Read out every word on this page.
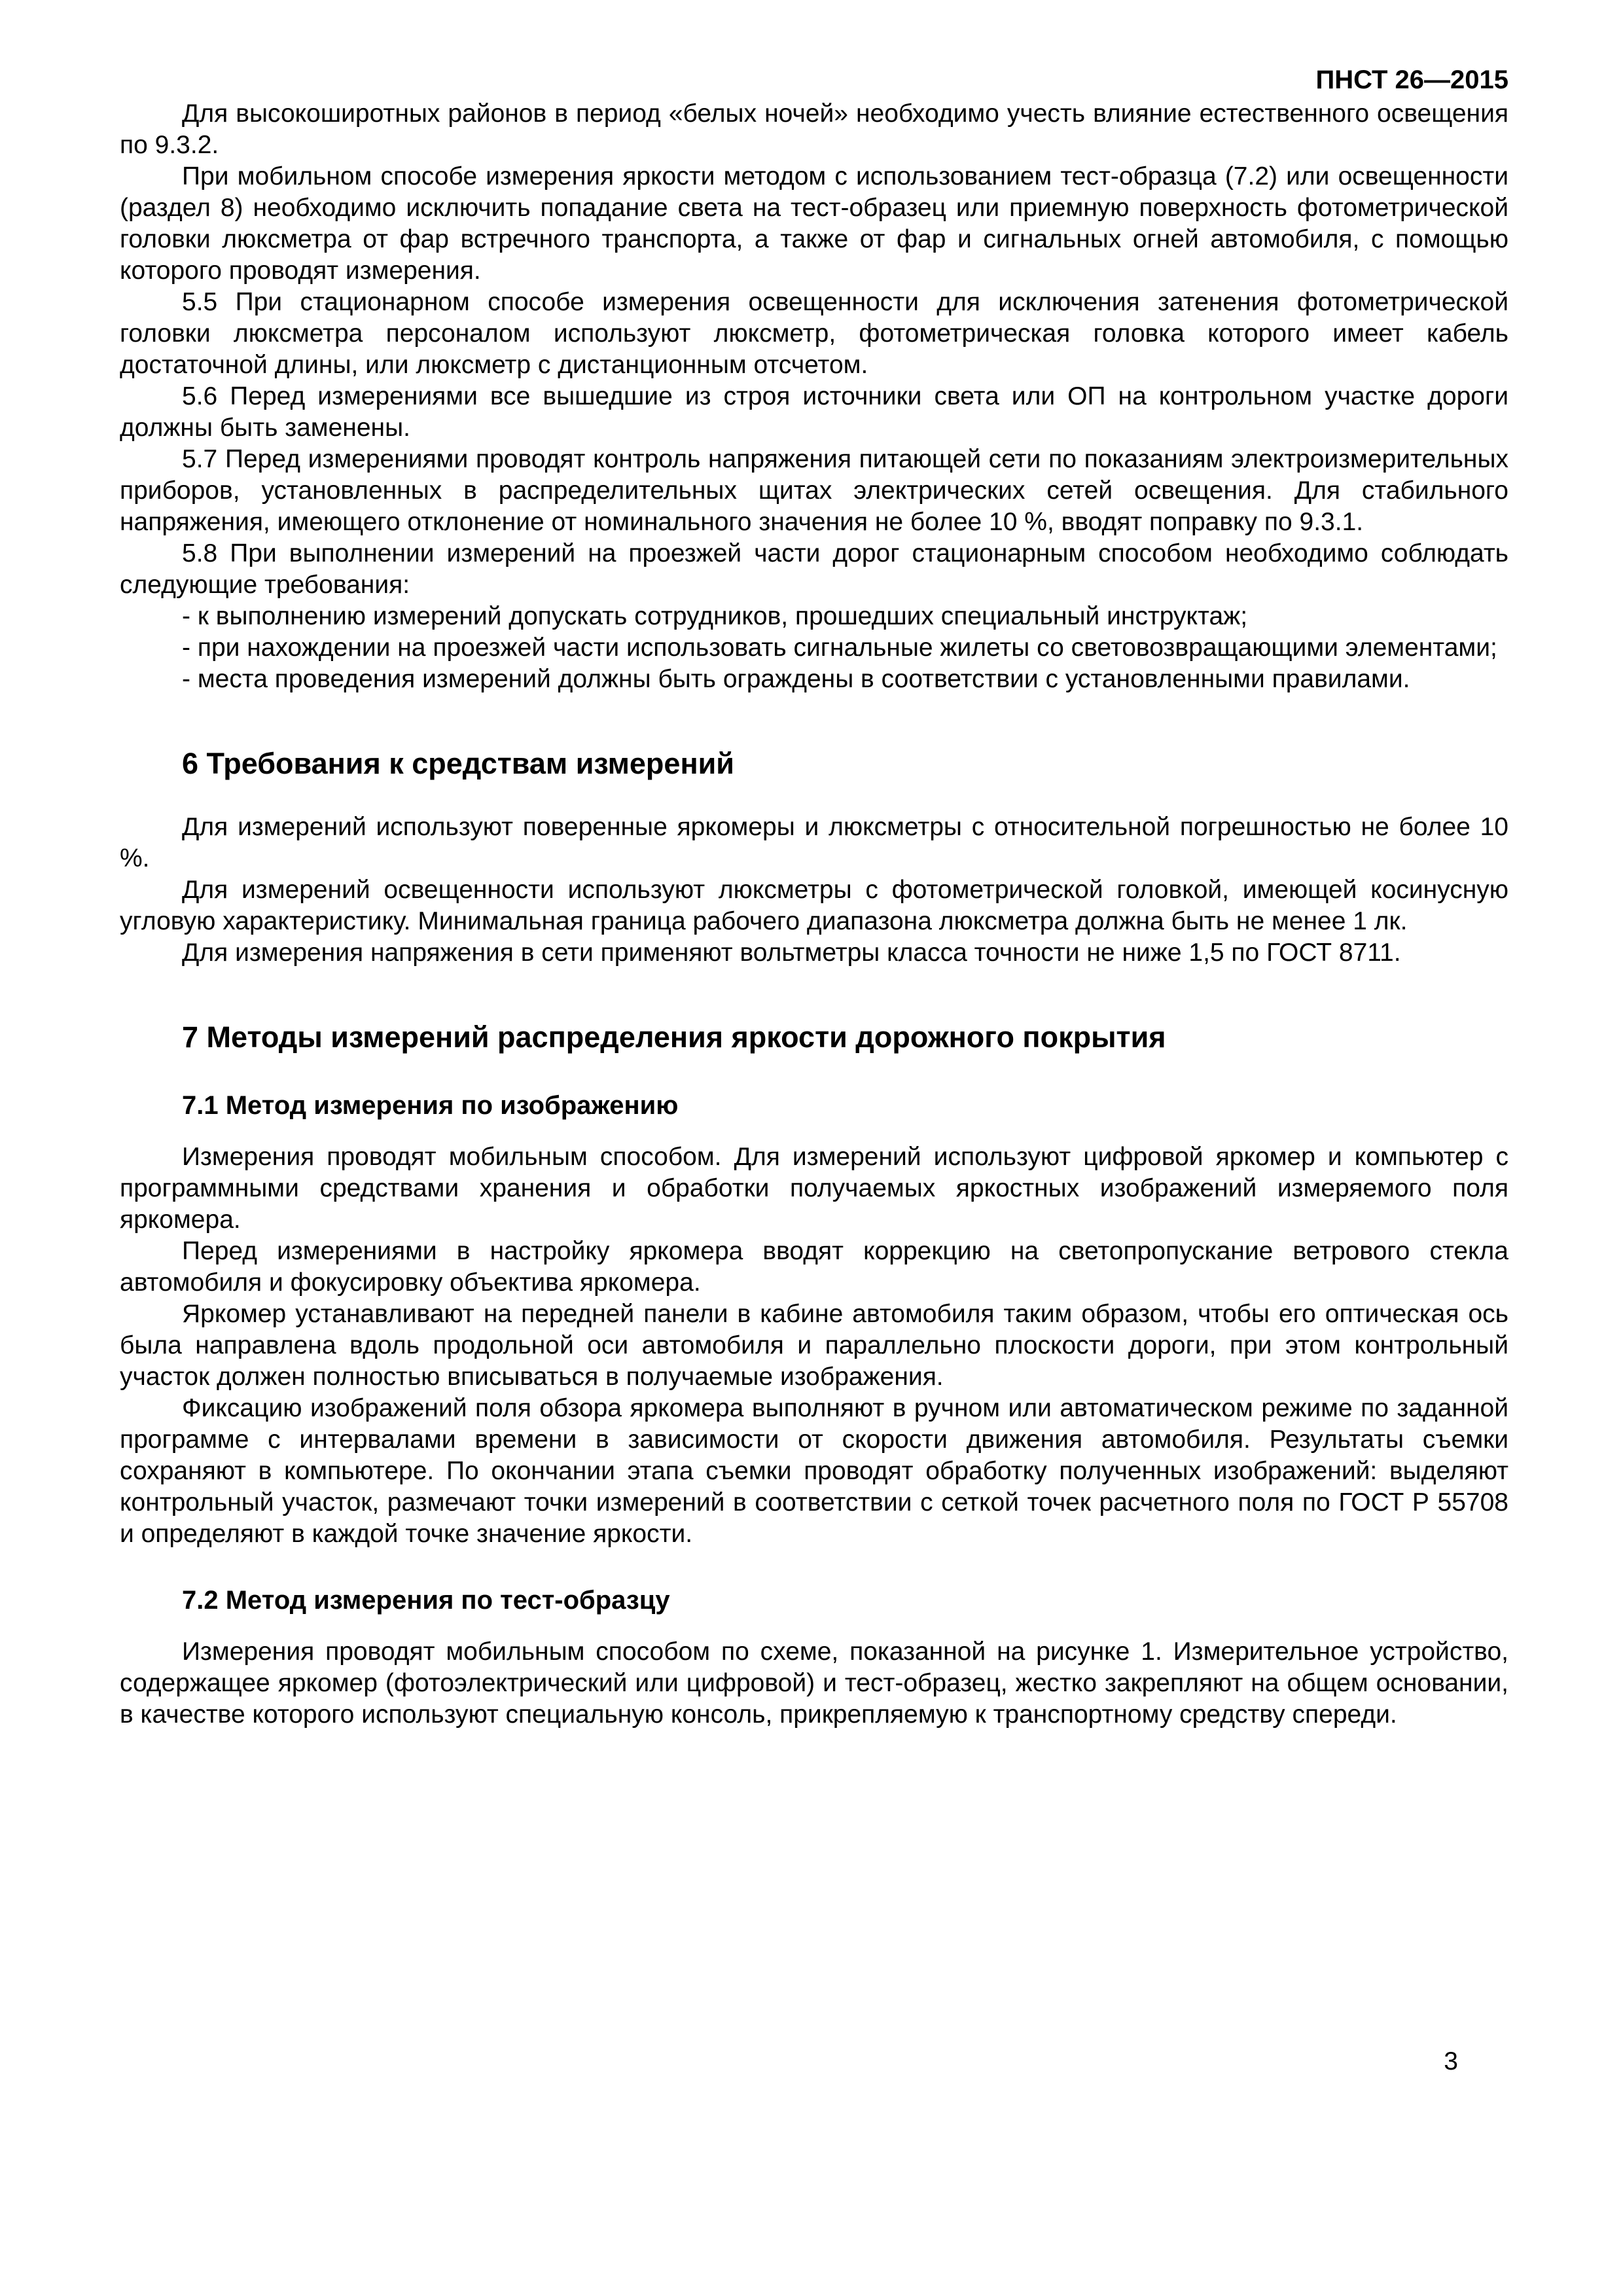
ПНСТ 26—2015
Для высокоширотных районов в период «белых ночей» необходимо учесть влияние естественного освещения по 9.3.2.
При мобильном способе измерения яркости методом с использованием тест-образца (7.2) или освещенности (раздел 8) необходимо исключить попадание света на тест-образец или приемную поверхность фотометрической головки люксметра от фар встречного транспорта, а также от фар и сигнальных огней автомобиля, с помощью которого проводят измерения.
5.5 При стационарном способе измерения освещенности для исключения затенения фотометрической головки люксметра персоналом используют люксметр, фотометрическая головка которого имеет кабель достаточной длины, или люксметр с дистанционным отсчетом.
5.6 Перед измерениями все вышедшие из строя источники света или ОП на контрольном участке дороги должны быть заменены.
5.7 Перед измерениями проводят контроль напряжения питающей сети по показаниям электроизмерительных приборов, установленных в распределительных щитах электрических сетей освещения. Для стабильного напряжения, имеющего отклонение от номинального значения не более 10 %, вводят поправку по 9.3.1.
5.8 При выполнении измерений на проезжей части дорог стационарным способом необходимо соблюдать следующие требования:
- к выполнению измерений допускать сотрудников, прошедших специальный инструктаж;
- при нахождении на проезжей части использовать сигнальные жилеты со световозвращающими элементами;
- места проведения измерений должны быть ограждены в соответствии с установленными правилами.
6 Требования к средствам измерений
Для измерений используют поверенные яркомеры и люксметры с относительной погрешностью не более 10 %.
Для измерений освещенности используют люксметры с фотометрической головкой, имеющей косинусную угловую характеристику. Минимальная граница рабочего диапазона люксметра должна быть не менее 1 лк.
Для измерения напряжения в сети применяют вольтметры класса точности не ниже 1,5 по ГОСТ 8711.
7 Методы измерений распределения яркости дорожного покрытия
7.1 Метод измерения по изображению
Измерения проводят мобильным способом. Для измерений используют цифровой яркомер и компьютер с программными средствами хранения и обработки получаемых яркостных изображений измеряемого поля яркомера.
Перед измерениями в настройку яркомера вводят коррекцию на светопропускание ветрового стекла автомобиля и фокусировку объектива яркомера.
Яркомер устанавливают на передней панели в кабине автомобиля таким образом, чтобы его оптическая ось была направлена вдоль продольной оси автомобиля и параллельно плоскости дороги, при этом контрольный участок должен полностью вписываться в получаемые изображения.
Фиксацию изображений поля обзора яркомера выполняют в ручном или автоматическом режиме по заданной программе с интервалами времени в зависимости от скорости движения автомобиля. Результаты съемки сохраняют в компьютере. По окончании этапа съемки проводят обработку полученных изображений: выделяют контрольный участок, размечают точки измерений в соответствии с сеткой точек расчетного поля по ГОСТ Р 55708 и определяют в каждой точке значение яркости.
7.2 Метод измерения по тест-образцу
Измерения проводят мобильным способом по схеме, показанной на рисунке 1. Измерительное устройство, содержащее яркомер (фотоэлектрический или цифровой) и тест-образец, жестко закрепляют на общем основании, в качестве которого используют специальную консоль, прикрепляемую к транспортному средству спереди.
3
